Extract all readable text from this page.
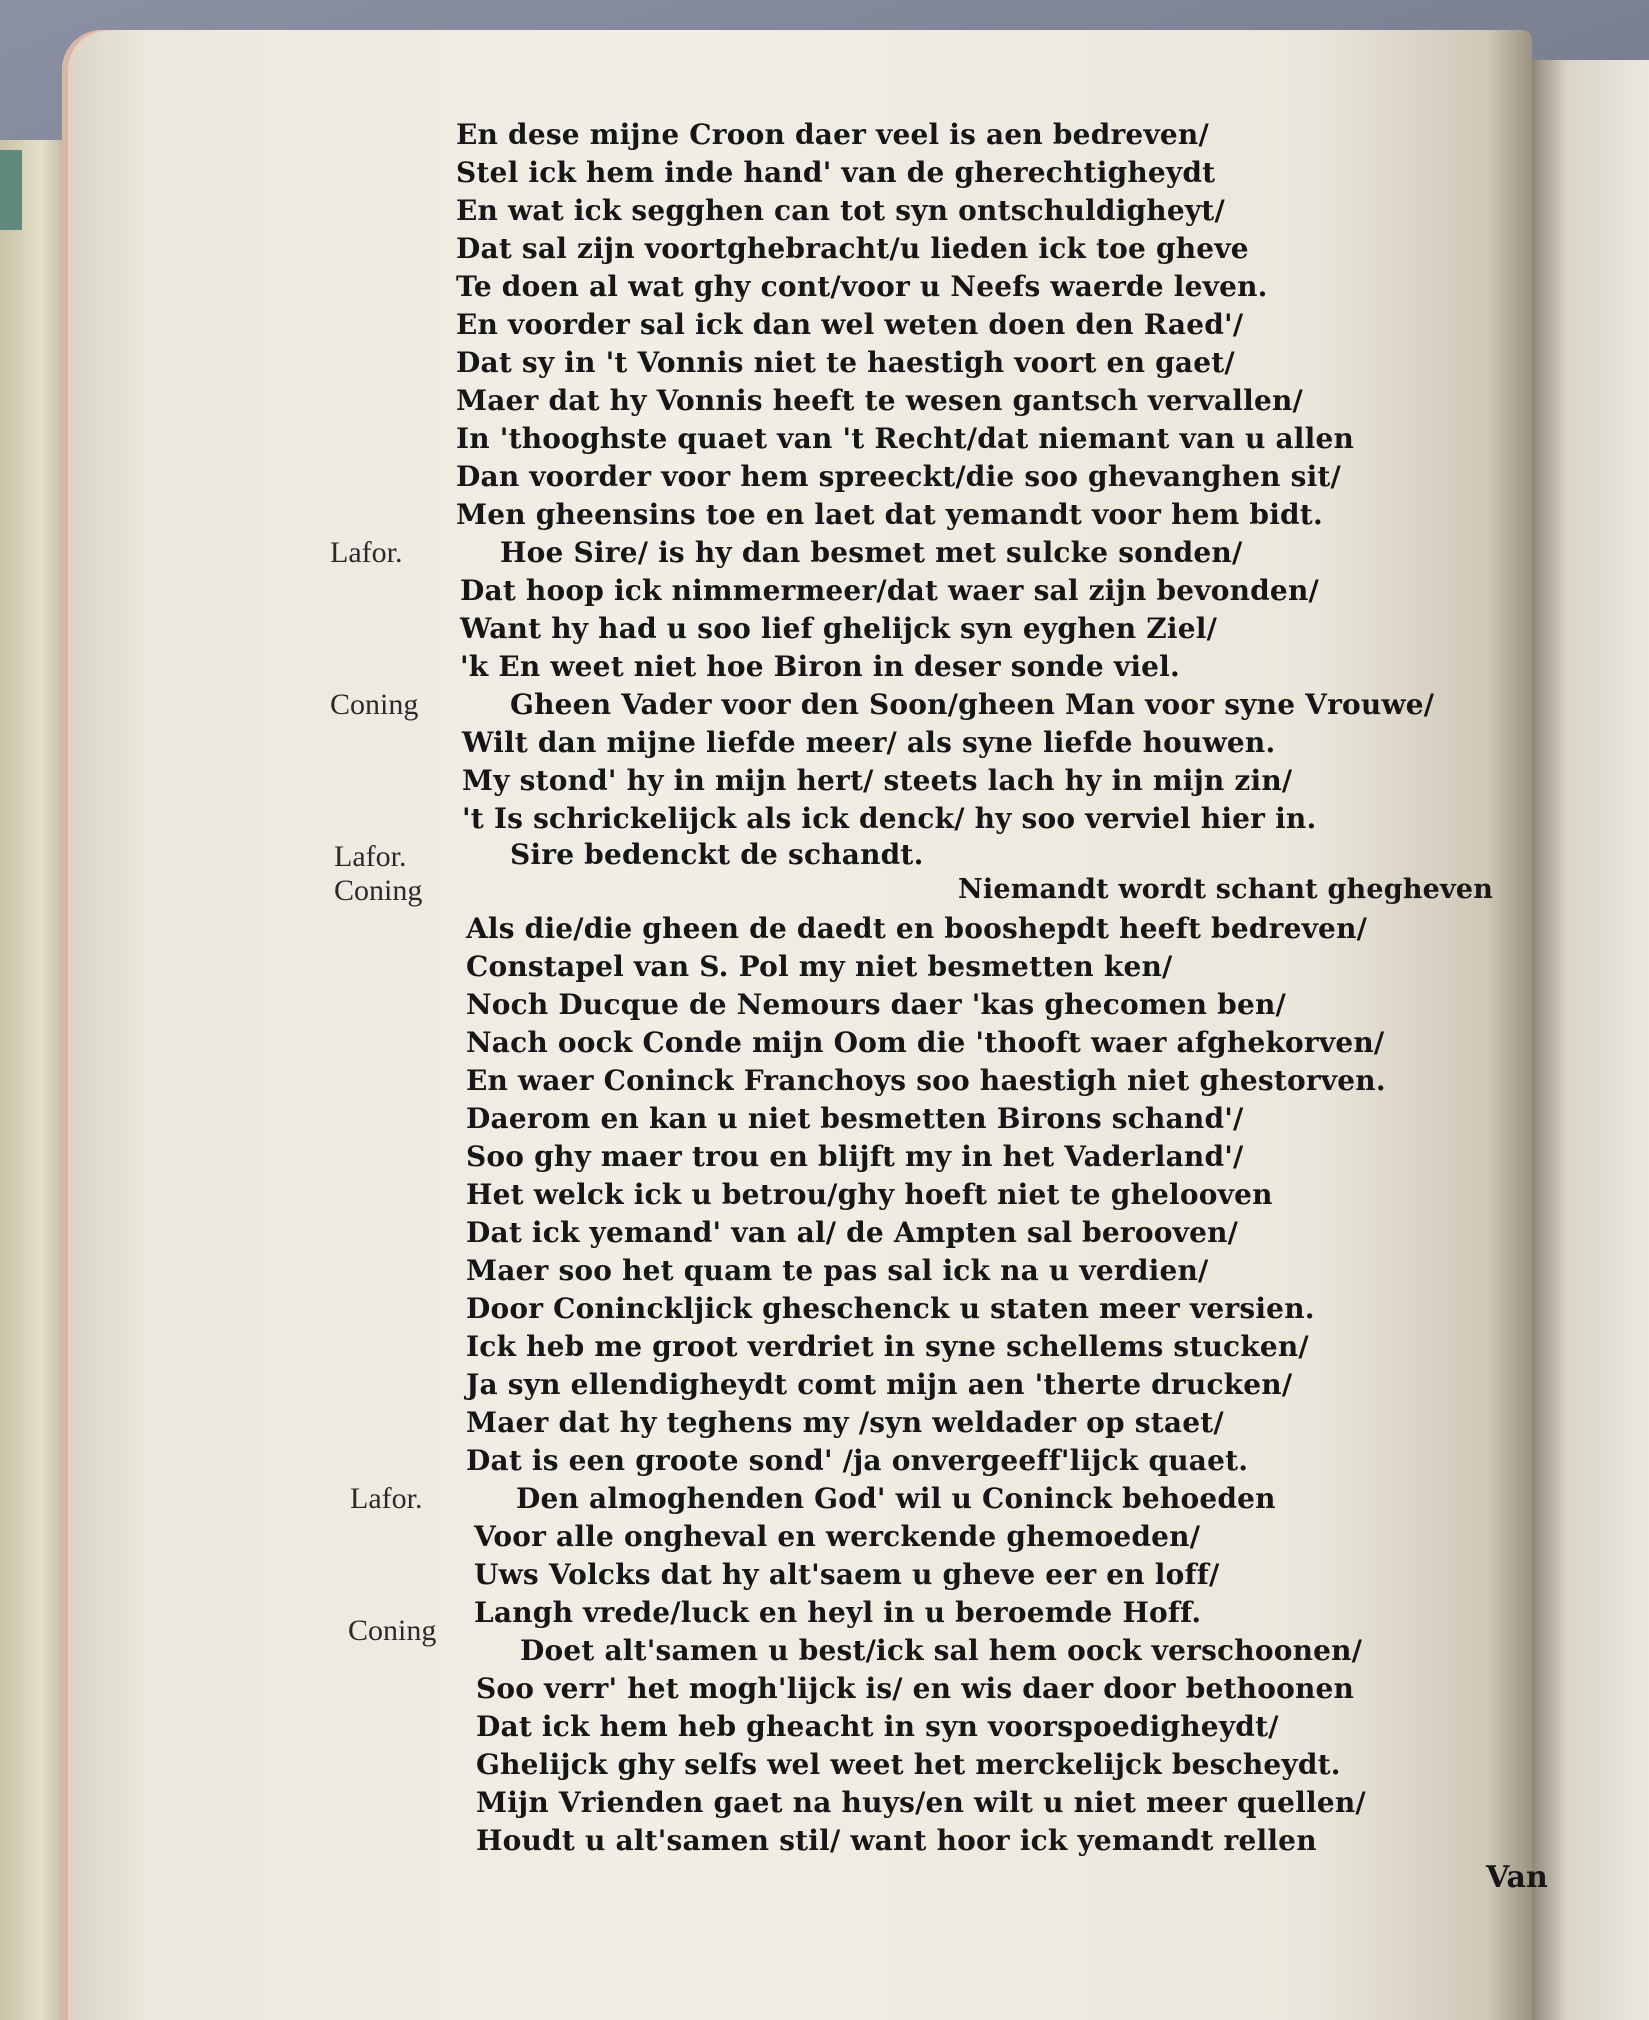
En dese mijne Croon daer veel is aen bedreven/
Stel ick hem inde hand' van de gherechtigheydt
En wat ick segghen can tot syn ontschuldigheyt/
Dat sal zijn voortghebracht/u lieden ick toe gheve
Te doen al wat ghy cont/voor u Neefs waerde leven.
En voorder sal ick dan wel weten doen den Raed'/
Dat sy in 't Vonnis niet te haestigh voort en gaet/
Maer dat hy Vonnis heeft te wesen gantsch vervallen/
In 'thooghste quaet van 't Recht/dat niemant van u allen
Dan voorder voor hem spreeckt/die soo ghevanghen sit/
Men gheensins toe en laet dat yemandt voor hem bidt.
Lafor.	Hoe Sire/ is hy dan besmet met sulcke sonden/
Dat hoop ick nimmermeer/dat waer sal zijn bevonden/
Want hy had u soo lief ghelijck syn eyghen Ziel/
'k En weet niet hoe Biron in deser sonde viel.
Coning	Gheen Vader voor den Soon/gheen Man voor syne Vrouwe/
Wilt dan mijne liefde meer/ als syne liefde houwen.
My stond' hy in mijn hert/ steets lach hy in mijn zin/
't Is schrickelijck als ick denck/ hy soo verviel hier in.
Lafor.	Sire bedenckt de schandt.
Coning	Niemandt wordt schant ghegheven
Als die/die gheen de daedt en booshepdt heeft bedreven/
Constapel van S. Pol my niet besmetten ken/
Noch Ducque de Nemours daer 'kas ghecomen ben/
Nach oock Conde mijn Oom die 'thooft waer afghekorven/
En waer Coninck Franchoys soo haestigh niet ghestorven.
Daerom en kan u niet besmetten Birons schand'/
Soo ghy maer trou en blijft my in het Vaderland'/
Het welck ick u betrou/ghy hoeft niet te ghelooven
Dat ick yemand' van al/ de Ampten sal berooven/
Maer soo het quam te pas sal ick na u verdien/
Door Coninckljick gheschenck u staten meer versien.
Ick heb me groot verdriet in syne schellems stucken/
Ja syn ellendigheydt comt mijn aen 'therte drucken/
Maer dat hy teghens my /syn weldader op staet/
Dat is een groote sond' /ja onvergeeff'lijck quaet.
Lafor.	Den almoghenden God' wil u Coninck behoeden
Voor alle ongheval en werckende ghemoeden/
Uws Volcks dat hy alt'saem u gheve eer en loff/
Langh vrede/luck en heyl in u beroemde Hoff.
Coning
Doet alt'samen u best/ick sal hem oock verschoonen/
Soo verr' het mogh'lijck is/ en wis daer door bethoonen
Dat ick hem heb gheacht in syn voorspoedigheydt/
Ghelijck ghy selfs wel weet het merckelijck bescheydt.
Mijn Vrienden gaet na huys/en wilt u niet meer quellen/
Houdt u alt'samen stil/ want hoor ick yemandt rellen
Van
